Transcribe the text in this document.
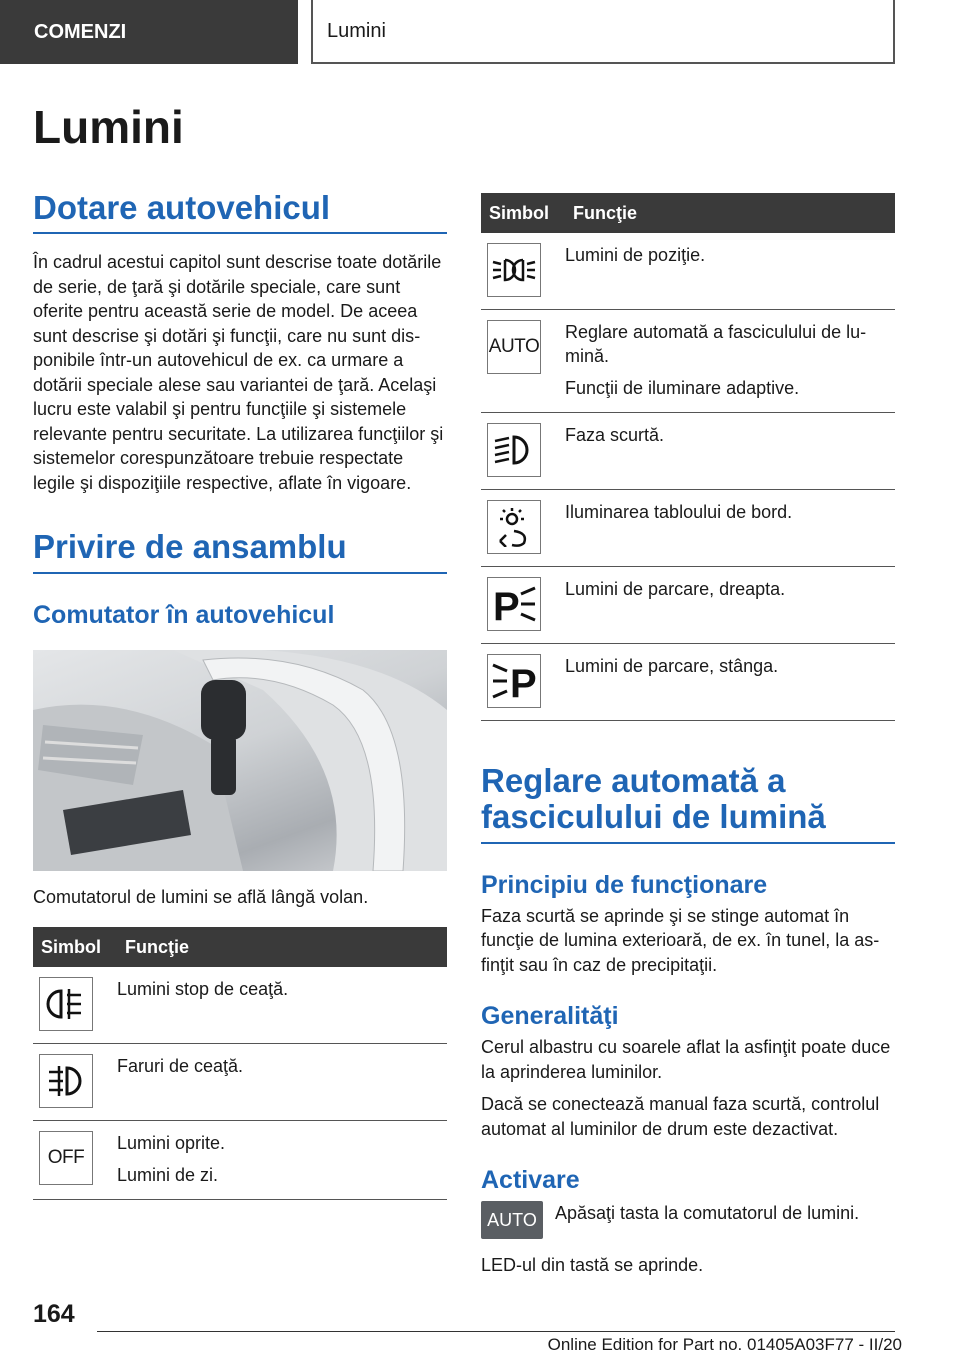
COMENZI	Lumini
Lumini
Dotare autovehicul

În cadrul acestui capitol sunt descrise toate dotările de serie, de ţară şi dotările speciale, care sunt oferite pentru această serie de model. De aceea sunt descrise şi dotări şi funcţii, care nu sunt disponibile într-un autovehicul de ex. ca urmare a dotării speciale alese sau variantei de ţară. Acelaşi lucru este valabil şi pentru funcţiile şi sistemele relevante pentru securitate. La utilizarea funcţiilor şi sistemelor corespunzătoare trebuie respectate legile şi dispoziţiile respective, aflate în vigoare.

Privire de ansamblu
Comutator în autovehicul

Comutatorul de lumini se află lângă volan.

Simbol	Funcţie

Lumini stop de ceaţă.

Faruri de ceaţă.

OFF	Lumini oprite.
Lumini de zi.
Simbol	Funcţie

Lumini de poziţie.

AUTO	Reglare automată a fasciculului de lumină.
Funcţii de iluminare adaptive.

Faza scurtă.

Iluminarea tabloului de bord.

P	Lumini de parcare, dreapta.

P	Lumini de parcare, stânga.
Reglare automată a fasciculului de lumină
Principiu de funcţionare

Faza scurtă se aprinde şi se stinge automat în funcţie de lumina exterioară, de ex. în tunel, la asfinţit sau în caz de precipitaţii.

Generalităţi

Cerul albastru cu soarele aflat la asfinţit poate duce la aprinderea luminilor.

Dacă se conectează manual faza scurtă, controlul automat al luminilor de drum este dezactivat.

Activare
AUTO	Apăsaţi tasta la comutatorul de lumini.

LED-ul din tastă se aprinde.

164
Online Edition for Part no. 01405A03F77 - II/20
